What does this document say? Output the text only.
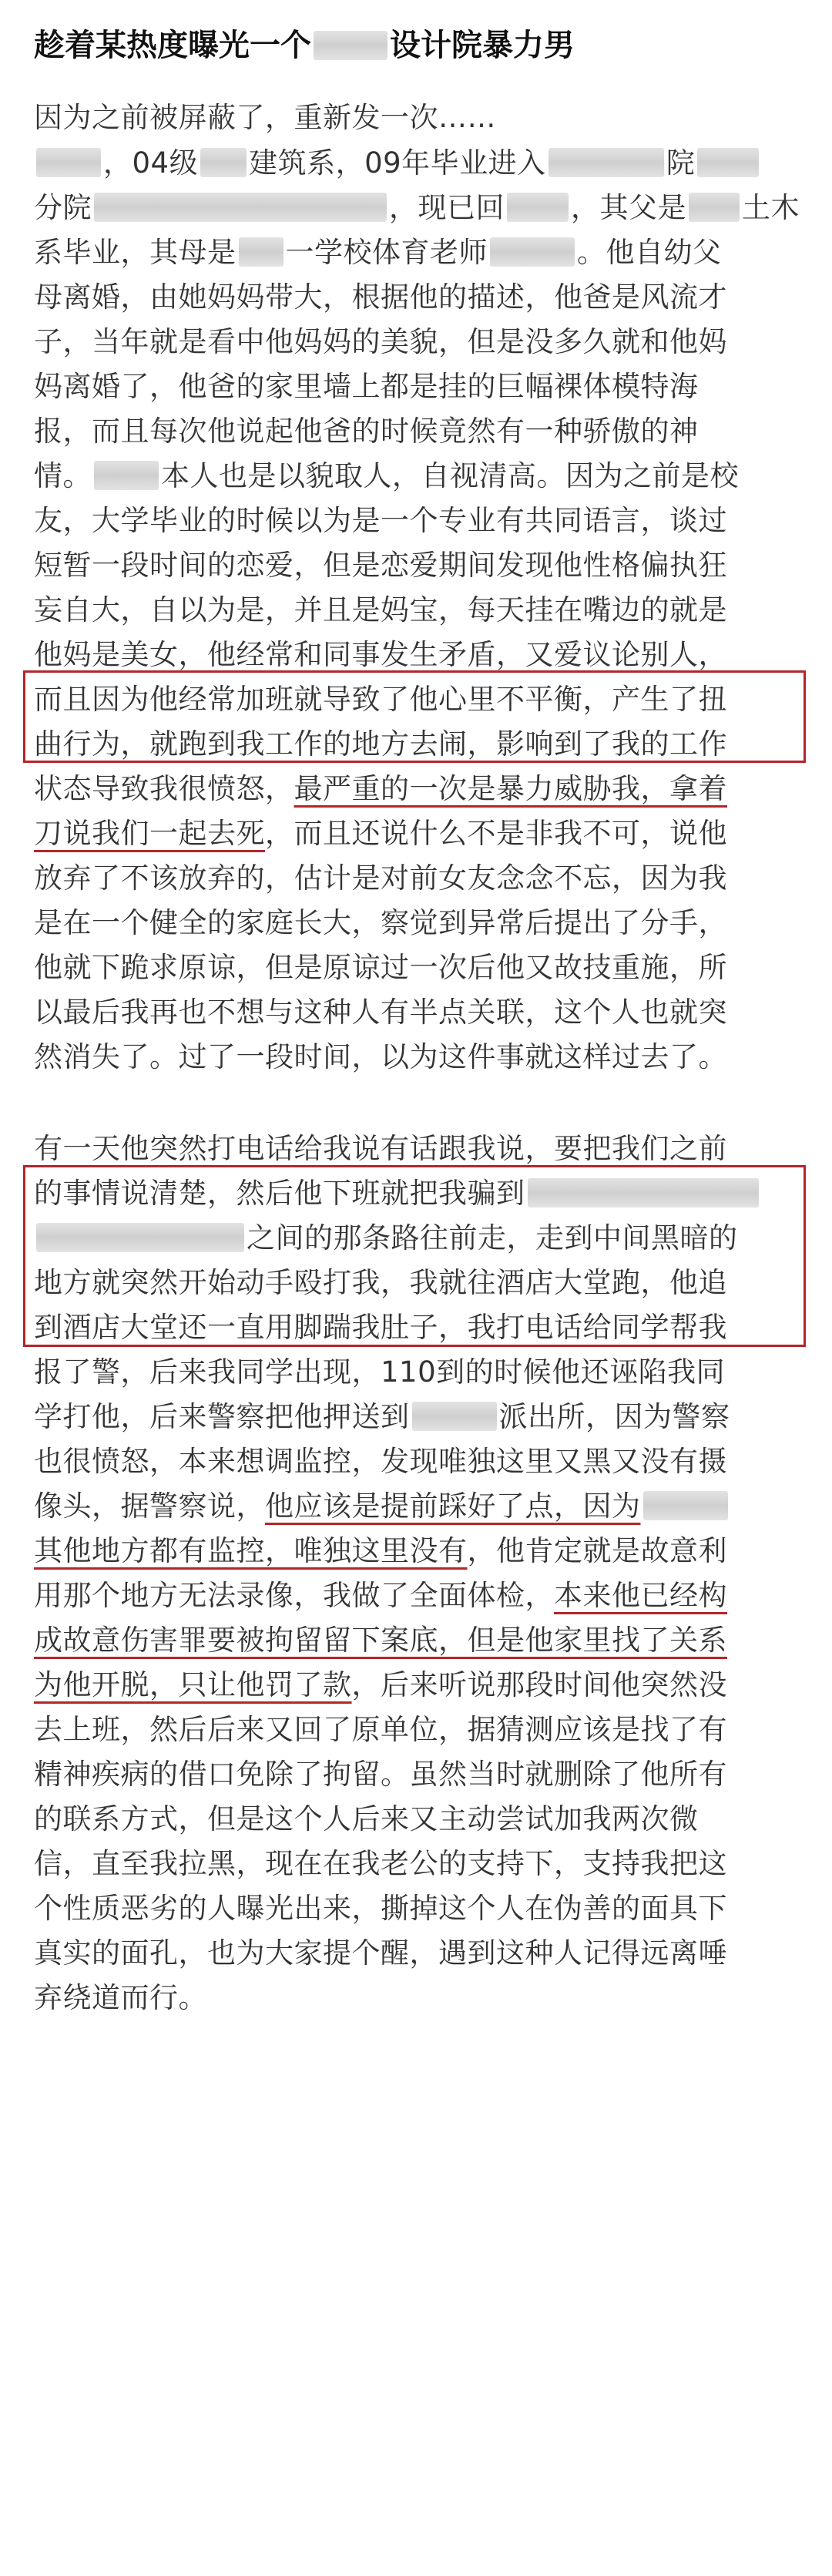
趁着某热度曝光一个	设计院暴力男
因为之前被屏蔽了，重新发一次……
，04级 建筑系，09年毕业进入	院
分院	，现已回 ，其父是 土木
系毕业，其母是 一学校体育老师	。他自幼父
母离婚，由她妈妈带大，根据他的描述，他爸是风流才
子，当年就是看中他妈妈的美貌，但是没多久就和他妈
妈离婚了，他爸的家里墙上都是挂的巨幅裸体模特海
报，而且每次他说起他爸的时候竟然有一种骄傲的神
情。 本人也是以貌取人，自视清高。因为之前是校
友，大学毕业的时候以为是一个专业有共同语言，谈过
短暂一段时间的恋爱，但是恋爱期间发现他性格偏执狂
妄自大，自以为是，并且是妈宝，每天挂在嘴边的就是
他妈是美女，他经常和同事发生矛盾，又爱议论别人，
而且因为他经常加班就导致了他心里不平衡，产生了扭
曲行为，就跑到我工作的地方去闹，影响到了我的工作
状态导致我很愤怒，最严重的一次是暴力威胁我，拿着
刀说我们一起去死，而且还说什么不是非我不可，说他
放弃了不该放弃的，估计是对前女友念念不忘，因为我
是在一个健全的家庭长大，察觉到异常后提出了分手，
他就下跪求原谅，但是原谅过一次后他又故技重施，所
以最后我再也不想与这种人有半点关联，这个人也就突
然消失了。过了一段时间，以为这件事就这样过去了。
有一天他突然打电话给我说有话跟我说，要把我们之前
的事情说清楚，然后他下班就把我骗到
之间的那条路往前走，走到中间黑暗的
地方就突然开始动手殴打我，我就往酒店大堂跑，他追
到酒店大堂还一直用脚踹我肚子，我打电话给同学帮我
报了警，后来我同学出现，110到的时候他还诬陷我同
学打他，后来警察把他押送到	派出所，因为警察
也很愤怒，本来想调监控，发现唯独这里又黑又没有摄
像头，据警察说，他应该是提前踩好了点，因为
其他地方都有监控，唯独这里没有，他肯定就是故意利
用那个地方无法录像，我做了全面体检，本来他已经构
成故意伤害罪要被拘留留下案底，但是他家里找了关系
为他开脱，只让他罚了款，后来听说那段时间他突然没
去上班，然后后来又回了原单位，据猜测应该是找了有
精神疾病的借口免除了拘留。虽然当时就删除了他所有
的联系方式，但是这个人后来又主动尝试加我两次微
信，直至我拉黑，现在在我老公的支持下，支持我把这
个性质恶劣的人曝光出来，撕掉这个人在伪善的面具下
真实的面孔，也为大家提个醒，遇到这种人记得远离唾
弃绕道而行。
